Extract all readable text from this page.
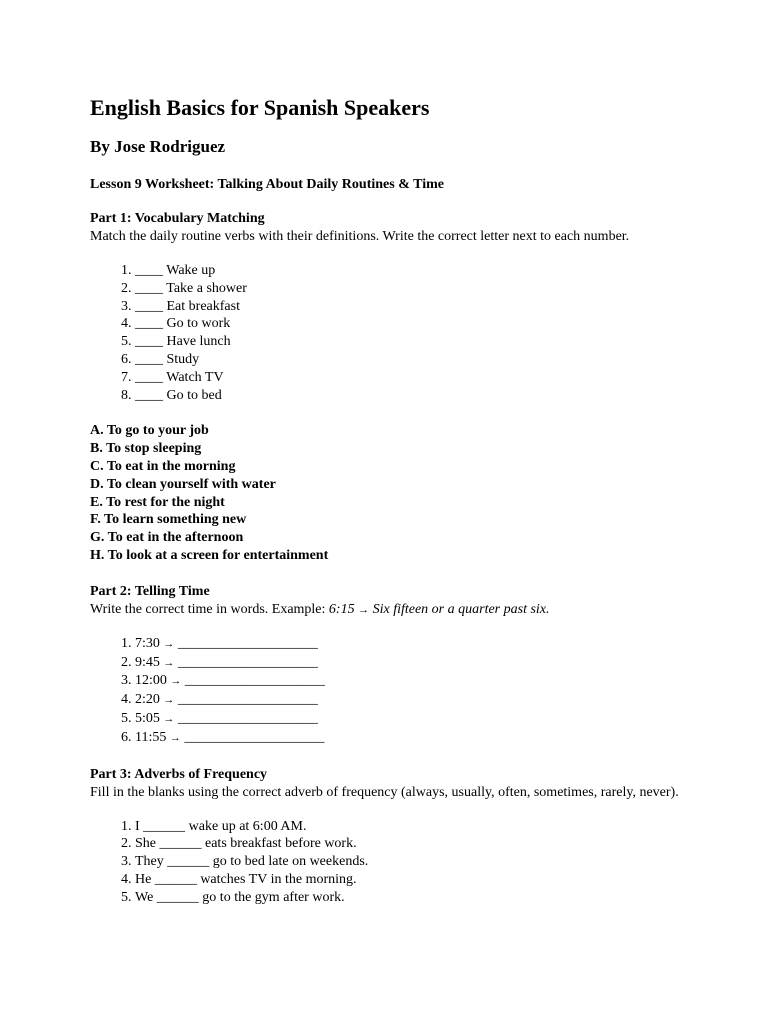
English Basics for Spanish Speakers
By Jose Rodriguez
Lesson 9 Worksheet: Talking About Daily Routines & Time
Part 1: Vocabulary Matching
Match the daily routine verbs with their definitions. Write the correct letter next to each number.
1. ____ Wake up
2. ____ Take a shower
3. ____ Eat breakfast
4. ____ Go to work
5. ____ Have lunch
6. ____ Study
7. ____ Watch TV
8. ____ Go to bed
A. To go to your job
B. To stop sleeping
C. To eat in the morning
D. To clean yourself with water
E. To rest for the night
F. To learn something new
G. To eat in the afternoon
H. To look at a screen for entertainment
Part 2: Telling Time
Write the correct time in words. Example: 6:15 → Six fifteen or a quarter past six.
1. 7:30 → ____________________
2. 9:45 → ____________________
3. 12:00 → ____________________
4. 2:20 → ____________________
5. 5:05 → ____________________
6. 11:55 → ____________________
Part 3: Adverbs of Frequency
Fill in the blanks using the correct adverb of frequency (always, usually, often, sometimes, rarely, never).
1. I ______ wake up at 6:00 AM.
2. She ______ eats breakfast before work.
3. They ______ go to bed late on weekends.
4. He ______ watches TV in the morning.
5. We ______ go to the gym after work.
